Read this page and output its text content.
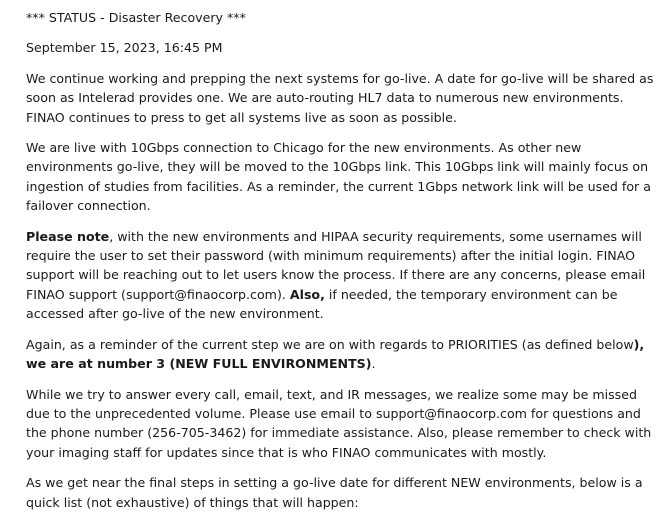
*** STATUS - Disaster Recovery ***

September 15, 2023, 16:45 PM

We continue working and prepping the next systems for go-live. A date for go-live will be shared as soon as Intelerad provides one. We are auto-routing HL7 data to numerous new environments. FINAO continues to press to get all systems live as soon as possible.

We are live with 10Gbps connection to Chicago for the new environments. As other new environments go-live, they will be moved to the 10Gbps link. This 10Gbps link will mainly focus on ingestion of studies from facilities. As a reminder, the current 1Gbps network link will be used for a failover connection.

Please note, with the new environments and HIPAA security requirements, some usernames will require the user to set their password (with minimum requirements) after the initial login. FINAO support will be reaching out to let users know the process. If there are any concerns, please email FINAO support (support@finaocorp.com). Also, if needed, the temporary environment can be accessed after go-live of the new environment.

Again, as a reminder of the current step we are on with regards to PRIORITIES (as defined below), we are at number 3 (NEW FULL ENVIRONMENTS).

While we try to answer every call, email, text, and IR messages, we realize some may be missed due to the unprecedented volume. Please use email to support@finaocorp.com for questions and the phone number (256-705-3462) for immediate assistance. Also, please remember to check with your imaging staff for updates since that is who FINAO communicates with mostly.

As we get near the final steps in setting a go-live date for different NEW environments, below is a quick list (not exhaustive) of things that will happen:
